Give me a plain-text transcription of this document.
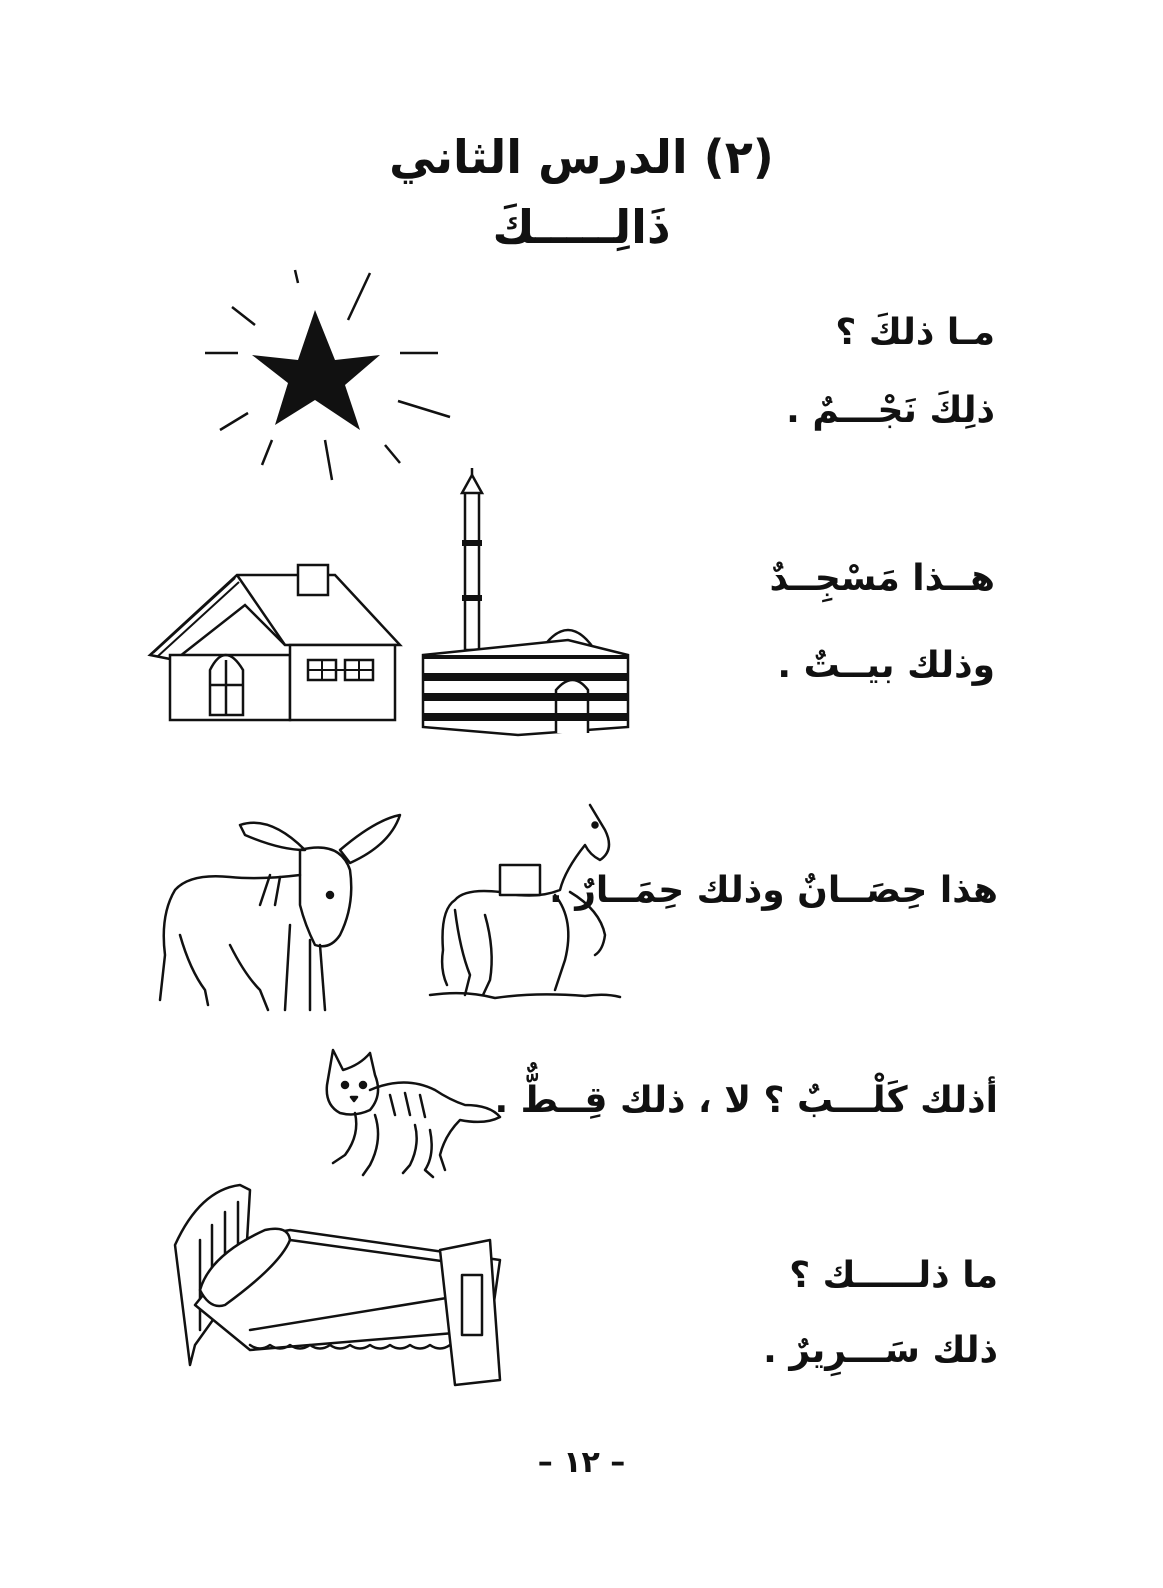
(٢) الدرس الثاني
ذَالِـــــكَ
مـا ذلكَ ؟
ذلِكَ نَجْـــمٌ .
هــذا مَسْجِــدٌ
وذلك بيــتٌ .
هذا حِصَــانٌ وذلك حِمَــارٌ .
أذلك كَلْـــبٌ ؟ لا ، ذلك قِــطٌّ .
ما ذلـــــك ؟
ذلك سَـــرِيرٌ .
– ١٢ –
